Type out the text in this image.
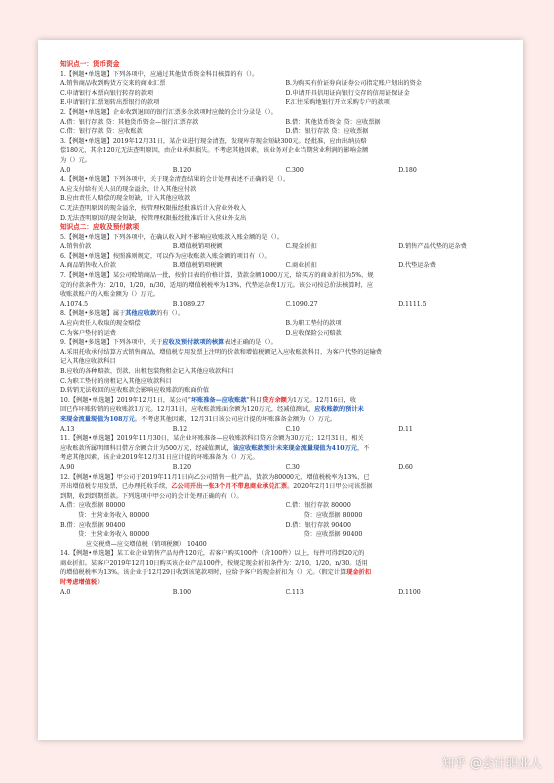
知识点一：货币资金
1.【例题•单选题】下列各项中，应通过其他货币资金科目核算的有（）。
A.销售商品收到购货方交来的商业汇票	B.为购买有价证券向证券公司指定账户划出的资金
C.申请银行本票向银行转存的款项	D.申请开具信用证向银行交存的信用证保证金
E.申请银行汇票划转出票银行的款项	F.汇往采购地银行开立采购专户的款项
2.【例题•单选题】企业收到退回的银行汇票多余款项时应做的会计分录是（）。
A.借：银行存款 贷：其他货币资金—银行汇票存款	B.借：其他货币资金 贷：应收票据
C.借：银行存款 贷：应收账款	D.借：银行存款 贷：应收票据
3.【例题•单选题】2019年12月31日，某企业进行现金清查，发现库存现金短缺300元。经批准，应由出纳员赔
偿180元，其余120元无法查明原因，由企业承担损失。不考虑其他因素，该业务对企业当期营业利润的影响金额
为（）元。
A.0	B.120	C.300	D.180
4.【例题•单选题】下列各项中，关于现金清查结果的会计处理表述不正确的是（）。
A.应支付给有关人员的现金溢余，计入其他应付款
B.应由责任人赔偿的现金短缺，计入其他应收款
C.无法查明原因的现金溢余，按管理权限报经批准后计入营业外收入
D.无法查明原因的现金短缺，按管理权限报经批准后计入营业外支出
知识点二：应收及预付款项
5.【例题•单选题】下列各项中，在确认收入时不影响应收账款入账金额的是（）。
A.销售价款	B.增值税销项税额	C.现金折扣	D.销售产品代垫的运杂费
6.【例题•单选题】按照准则规定，可以作为应收账款入账金额的项目有（）。
A.商品销售收入价款	B.增值税销项税额	C.商业折扣	D.代垫运杂费
7.【例题•单选题】某公司赊销商品一批，按价目表的价格计算，货款金额1000万元，给买方的商业折扣为5%，规
定的付款条件为：2/10，1/20，n/30，适用的增值税税率为13%，代垫运杂费1万元。该公司按总价法核算时，应
收账款账户的入账金额为（）万元。
A.1074.5	B.1089.27	C.1090.27	D.1111.5
8.【例题•多选题】属于其他应收款的有（）。
A.应向责任人收取的现金赔偿	B.为职工垫付的款项
C.为客户垫付的运费	D.应收保险公司赔款
9.【例题•多选题】下列各项中，关于应收及预付款项的核算表述正确的是（）。
A.采用托收承付结算方式销售商品，增值税专用发票上注明的价款和增值税额记入应收账款科目，为客户代垫的运输费
记入其他应收款科目
B.应收的各种赔款、罚款、出租包装物租金记入其他应收款科目
C.为职工垫付的房租记入其他应收款科目
D.转销无法收回的应收账款会影响应收账款的账面价值
10.【例题•单选题】2019年12月1日，某公司“坏账准备—应收账款”科目贷方余额为1万元。12月16日，收
回已作坏账转销的应收账款1万元。12月31日，应收账款账面余额为120万元，经减值测试，应收账款的预计未
来现金流量现值为108万元。不考虑其他因素，12月31日该公司应计提的坏账准备金额为（）万元。
A.13	B.12	C.10	D.11
11.【例题•单选题】2019年11月30日，某企业坏账准备—应收账款科目贷方余额为30万元；12月31日，相关
应收账款所属明细科目借方余额合计为500万元，经减值测试，该应收账款预计未来现金流量现值为410万元，不
考虑其他因素，该企业2019年12月31日应计提的坏账准备为（）万元。
A.90	B.120	C.30	D.60
12.【例题•单选题】甲公司于2019年11月1日向乙公司销售一批产品，货款为80000元，增值税税率为13%，已
开出增值税专用发票，已办理托收手续，乙公司开出一张3个月不带息商业承兑汇票。2020年2月1日甲公司该票据
到期，收到到期票款。下列选项中甲公司的会计处理正确的有（）。
A.借：应收票据 80000	C.借：银行存款 80000
贷：主营业务收入 80000	贷：应收票据 80000
B.借：应收票据 90400	D.借：银行存款 90400
贷：主营业务收入 80000	贷：应收票据 90400
应交税费—应交增值税（销项税额） 10400
14.【例题•单选题】某工业企业销售产品每件120元，若客户购买100件（含100件）以上，每件可得到20元的
商业折扣。某客户2019年12月10日购买该企业产品100件，按规定现金折扣条件为：2/10，1/20，n/30。适用
的增值税税率为13%。该企业于12月29日收到该笔款项时，应给予客户的现金折扣为（）元。（假定计算现金折扣
时考虑增值税）
A.0	B.100	C.113	D.1100
知乎 @会计职业人
